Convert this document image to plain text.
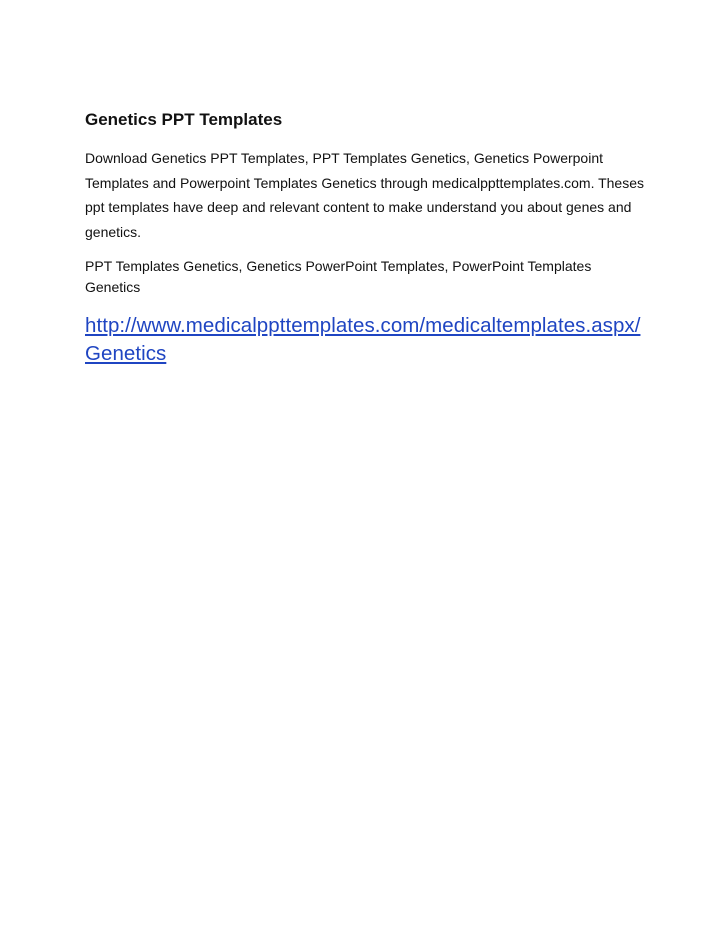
Genetics PPT Templates

Download Genetics PPT Templates, PPT Templates Genetics, Genetics Powerpoint Templates and Powerpoint Templates Genetics through medicalppttemplates.com. Theses ppt templates have deep and relevant content to make understand you about genes and genetics.

PPT Templates Genetics, Genetics PowerPoint Templates, PowerPoint Templates Genetics

http://www.medicalppttemplates.com/medicaltemplates.aspx/Genetics
